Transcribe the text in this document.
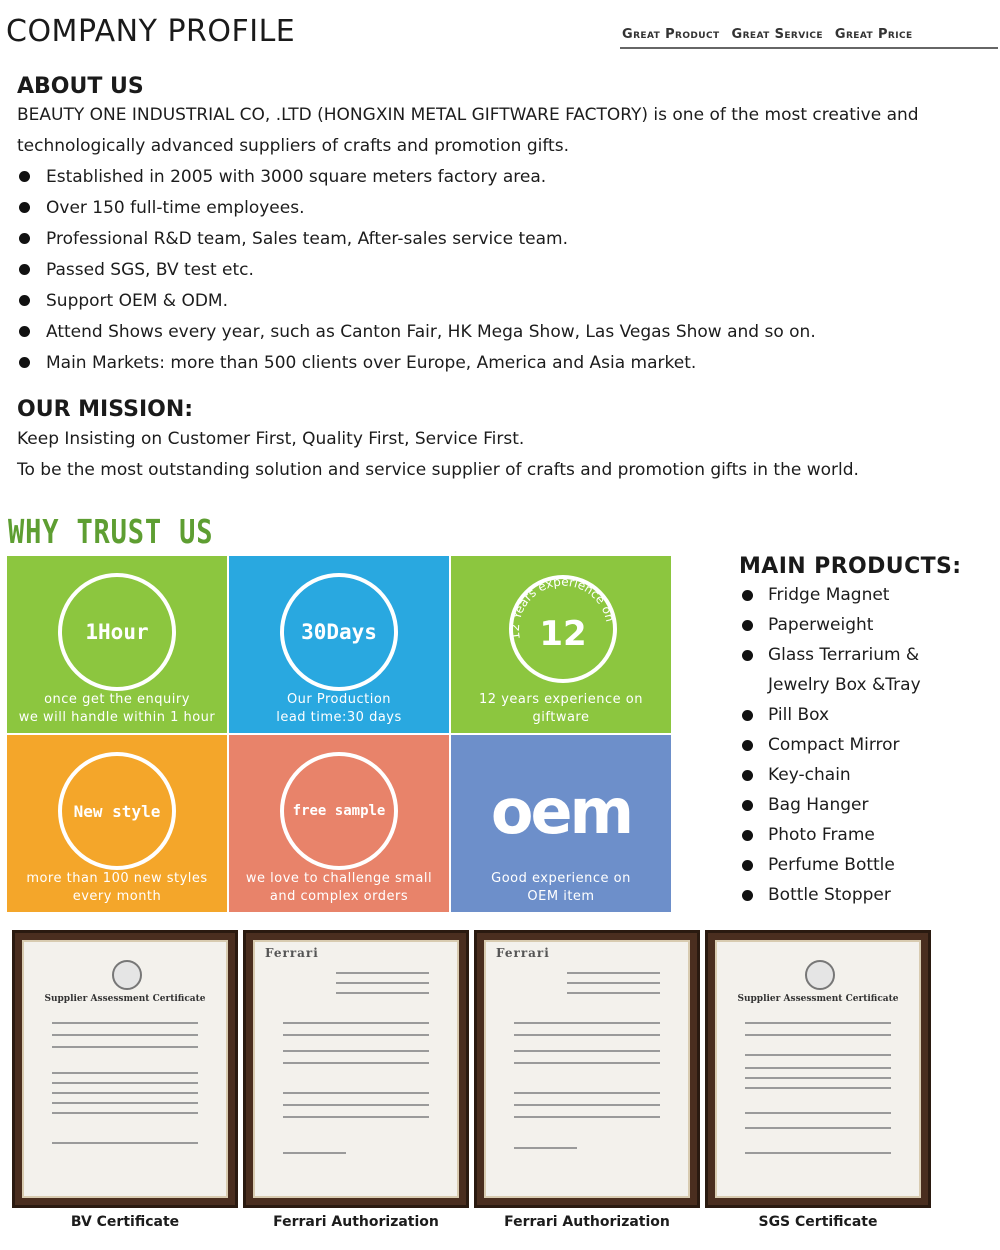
COMPANY PROFILE	Great Product Great Service Great Price
ABOUT US
BEAUTY ONE INDUSTRIAL CO, .LTD (HONGXIN METAL GIFTWARE FACTORY) is one of the most creative and technologically advanced suppliers of crafts and promotion gifts.
Established in 2005 with 3000 square meters factory area.
Over 150 full-time employees.
Professional R&D team, Sales team, After-sales service team.
Passed SGS, BV test etc.
Support OEM & ODM.
Attend Shows every year, such as Canton Fair, HK Mega Show, Las Vegas Show and so on.
Main Markets: more than 500 clients over Europe, America and Asia market.
OUR MISSION:
Keep Insisting on Customer First, Quality First, Service First.
To be the most outstanding solution and service supplier of crafts and promotion gifts in the world.
WHY TRUST US
1Hour
once get the enquiry
we will handle within 1 hour
30Days
Our Production
lead time:30 days
12 Years experience on
12
12 years experience on
giftware
New style
more than 100 new styles
every month
free sample
we love to challenge small
and complex orders
oem
Good experience on
OEM item
MAIN PRODUCTS:
Fridge Magnet
Paperweight
Glass Terrarium &
Jewelry Box &Tray
Pill Box
Compact Mirror
Key-chain
Bag Hanger
Photo Frame
Perfume Bottle
Bottle Stopper
Supplier Assessment Certificate
BV Certificate
Ferrari
Ferrari Authorization
Ferrari
Ferrari Authorization
Supplier Assessment Certificate
SGS Certificate
